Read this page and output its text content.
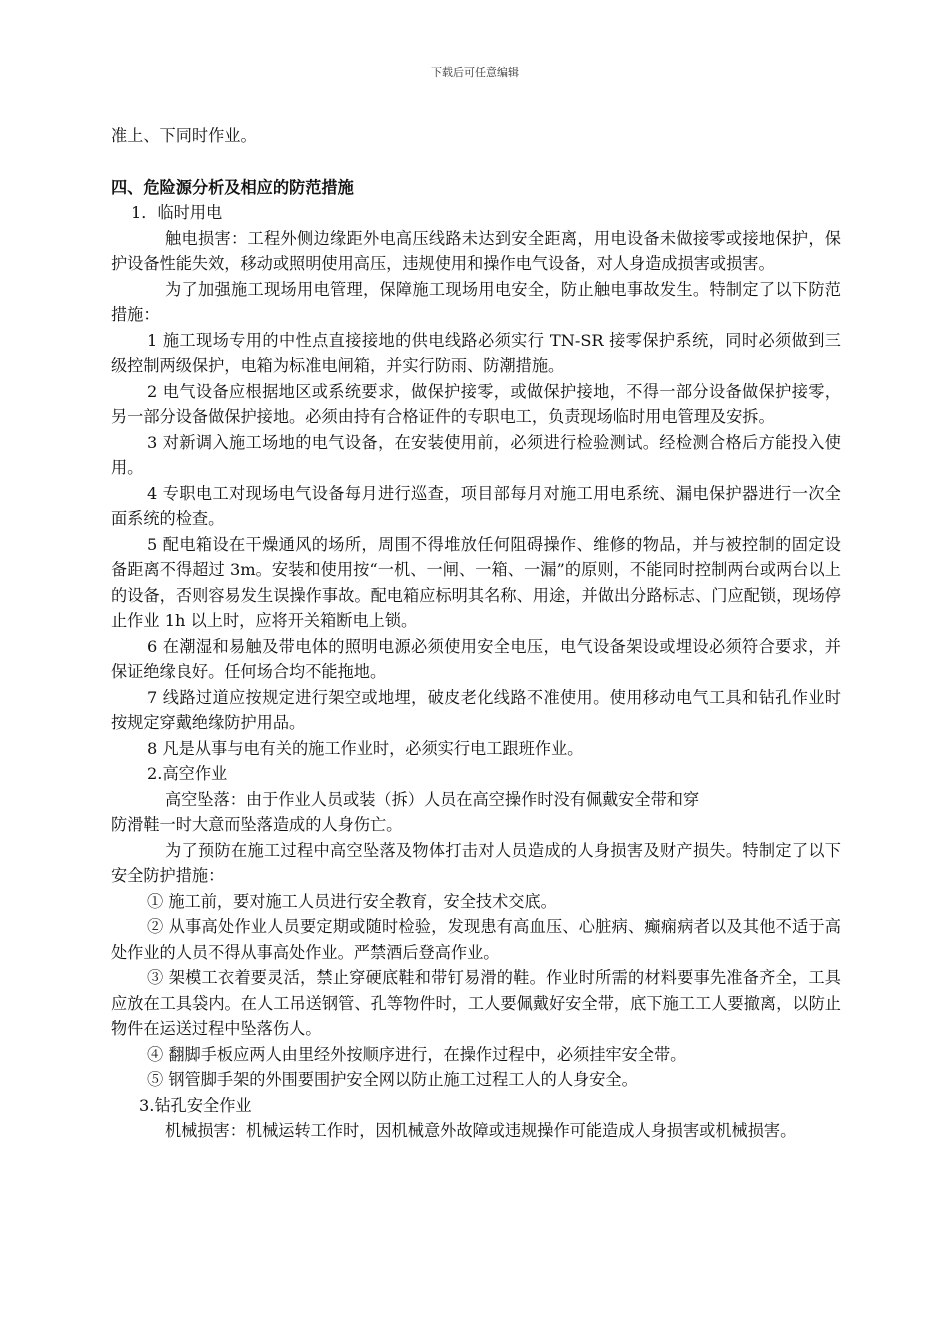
下载后可任意编辑

准上、下同时作业。

四、危险源分析及相应的防范措施

1．临时用电

触电损害：工程外侧边缘距外电高压线路未达到安全距离，用电设备未做接零或接地保护，保护设备性能失效，移动或照明使用高压，违规使用和操作电气设备，对人身造成损害或损害。

为了加强施工现场用电管理，保障施工现场用电安全，防止触电事故发生。特制定了以下防范措施：

1 施工现场专用的中性点直接接地的供电线路必须实行 TN-SR 接零保护系统，同时必须做到三级控制两级保护，电箱为标准电闸箱，并实行防雨、防潮措施。

2 电气设备应根据地区或系统要求，做保护接零，或做保护接地，不得一部分设备做保护接零，另一部分设备做保护接地。必须由持有合格证件的专职电工，负责现场临时用电管理及安拆。

3 对新调入施工场地的电气设备，在安装使用前，必须进行检验测试。经检测合格后方能投入使用。

4 专职电工对现场电气设备每月进行巡查，项目部每月对施工用电系统、漏电保护器进行一次全面系统的检查。

5 配电箱设在干燥通风的场所，周围不得堆放任何阻碍操作、维修的物品，并与被控制的固定设备距离不得超过 3m。安装和使用按“一机、一闸、一箱、一漏”的原则，不能同时控制两台或两台以上的设备，否则容易发生误操作事故。配电箱应标明其名称、用途，并做出分路标志、门应配锁，现场停止作业 1h 以上时，应将开关箱断电上锁。

6 在潮湿和易触及带电体的照明电源必须使用安全电压，电气设备架设或埋设必须符合要求，并保证绝缘良好。任何场合均不能拖地。

7 线路过道应按规定进行架空或地埋，破皮老化线路不准使用。使用移动电气工具和钻孔作业时按规定穿戴绝缘防护用品。

8 凡是从事与电有关的施工作业时，必须实行电工跟班作业。

2.高空作业

高空坠落：由于作业人员或装（拆）人员在高空操作时没有佩戴安全带和穿

防滑鞋一时大意而坠落造成的人身伤亡。

为了预防在施工过程中高空坠落及物体打击对人员造成的人身损害及财产损失。特制定了以下安全防护措施：

① 施工前，要对施工人员进行安全教育，安全技术交底。

② 从事高处作业人员要定期或随时检验，发现患有高血压、心脏病、癫痫病者以及其他不适于高处作业的人员不得从事高处作业。严禁酒后登高作业。

③ 架模工衣着要灵活，禁止穿硬底鞋和带钉易滑的鞋。作业时所需的材料要事先准备齐全，工具应放在工具袋内。在人工吊送钢管、孔等物件时，工人要佩戴好安全带，底下施工工人要撤离，以防止物件在运送过程中坠落伤人。

④ 翻脚手板应两人由里经外按顺序进行，在操作过程中，必须挂牢安全带。

⑤ 钢管脚手架的外围要围护安全网以防止施工过程工人的人身安全。

3.钻孔安全作业

机械损害：机械运转工作时，因机械意外故障或违规操作可能造成人身损害或机械损害。
